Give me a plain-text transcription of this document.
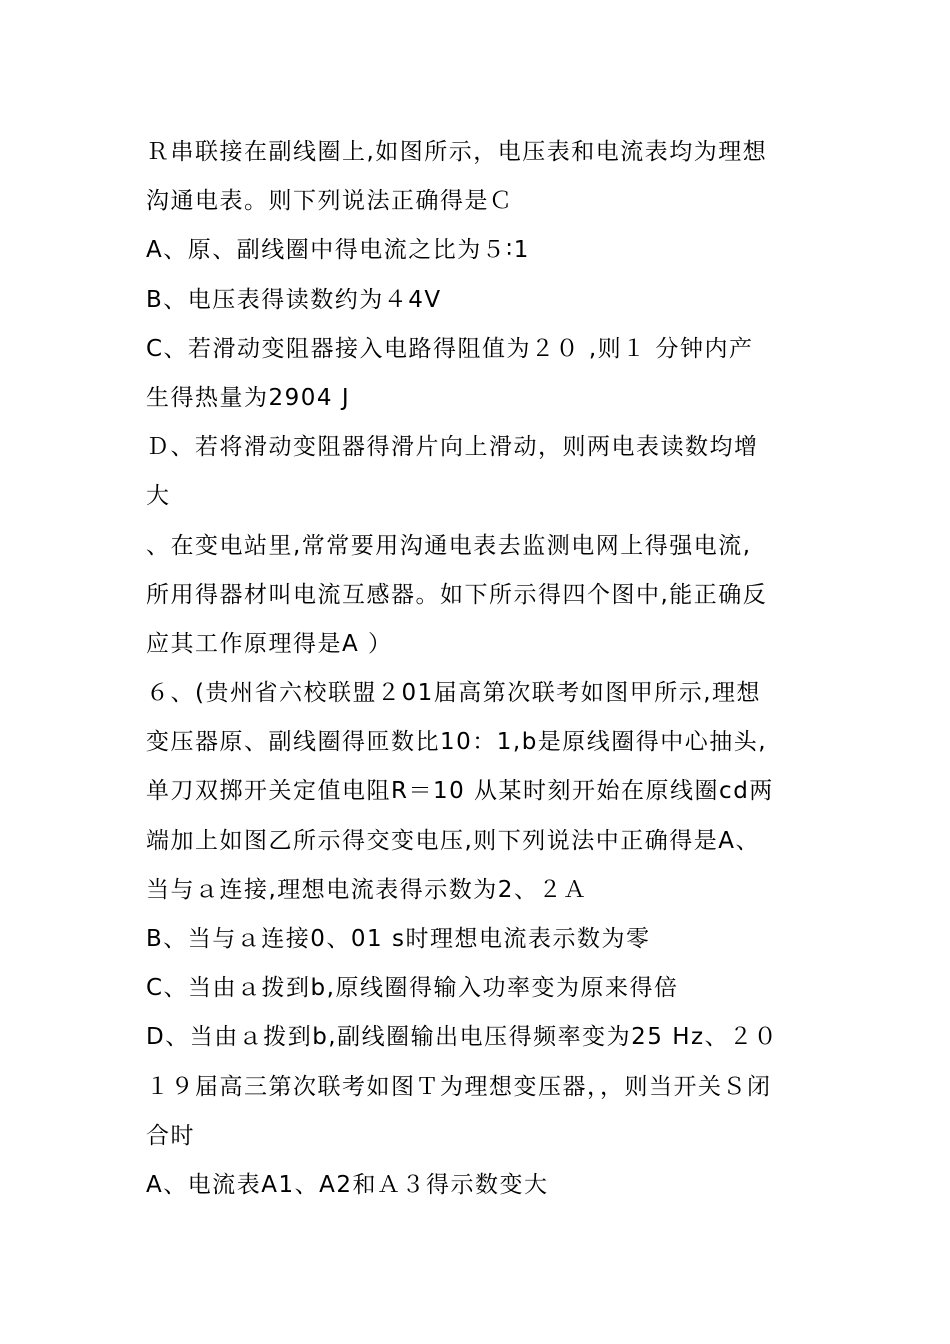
Ｒ串联接在副线圈上,如图所示，电压表和电流表均为理想
沟通电表。则下列说法正确得是Ｃ
A、原、副线圈中得电流之比为５∶1
B、电压表得读数约为４4V
C、若滑动变阻器接入电路得阻值为２０ ,则１ 分钟内产
生得热量为2904 J
Ｄ、若将滑动变阻器得滑片向上滑动，则两电表读数均增
大
、在变电站里,常常要用沟通电表去监测电网上得强电流,
所用得器材叫电流互感器。如下所示得四个图中,能正确反
应其工作原理得是A ）
６、(贵州省六校联盟２01届高第次联考如图甲所示,理想
变压器原、副线圈得匝数比10：1,b是原线圈得中心抽头,
单刀双掷开关定值电阻R＝10 从某时刻开始在原线圈cd两
端加上如图乙所示得交变电压,则下列说法中正确得是A、
当与ａ连接,理想电流表得示数为2、２Ａ
B、当与ａ连接0、01 s时理想电流表示数为零
C、当由ａ拨到b,原线圈得输入功率变为原来得倍
D、当由ａ拨到b,副线圈输出电压得频率变为25 Hz、２０
１９届高三第次联考如图Ｔ为理想变压器，，则当开关Ｓ闭
合时
A、电流表A1、A2和Ａ３得示数变大
